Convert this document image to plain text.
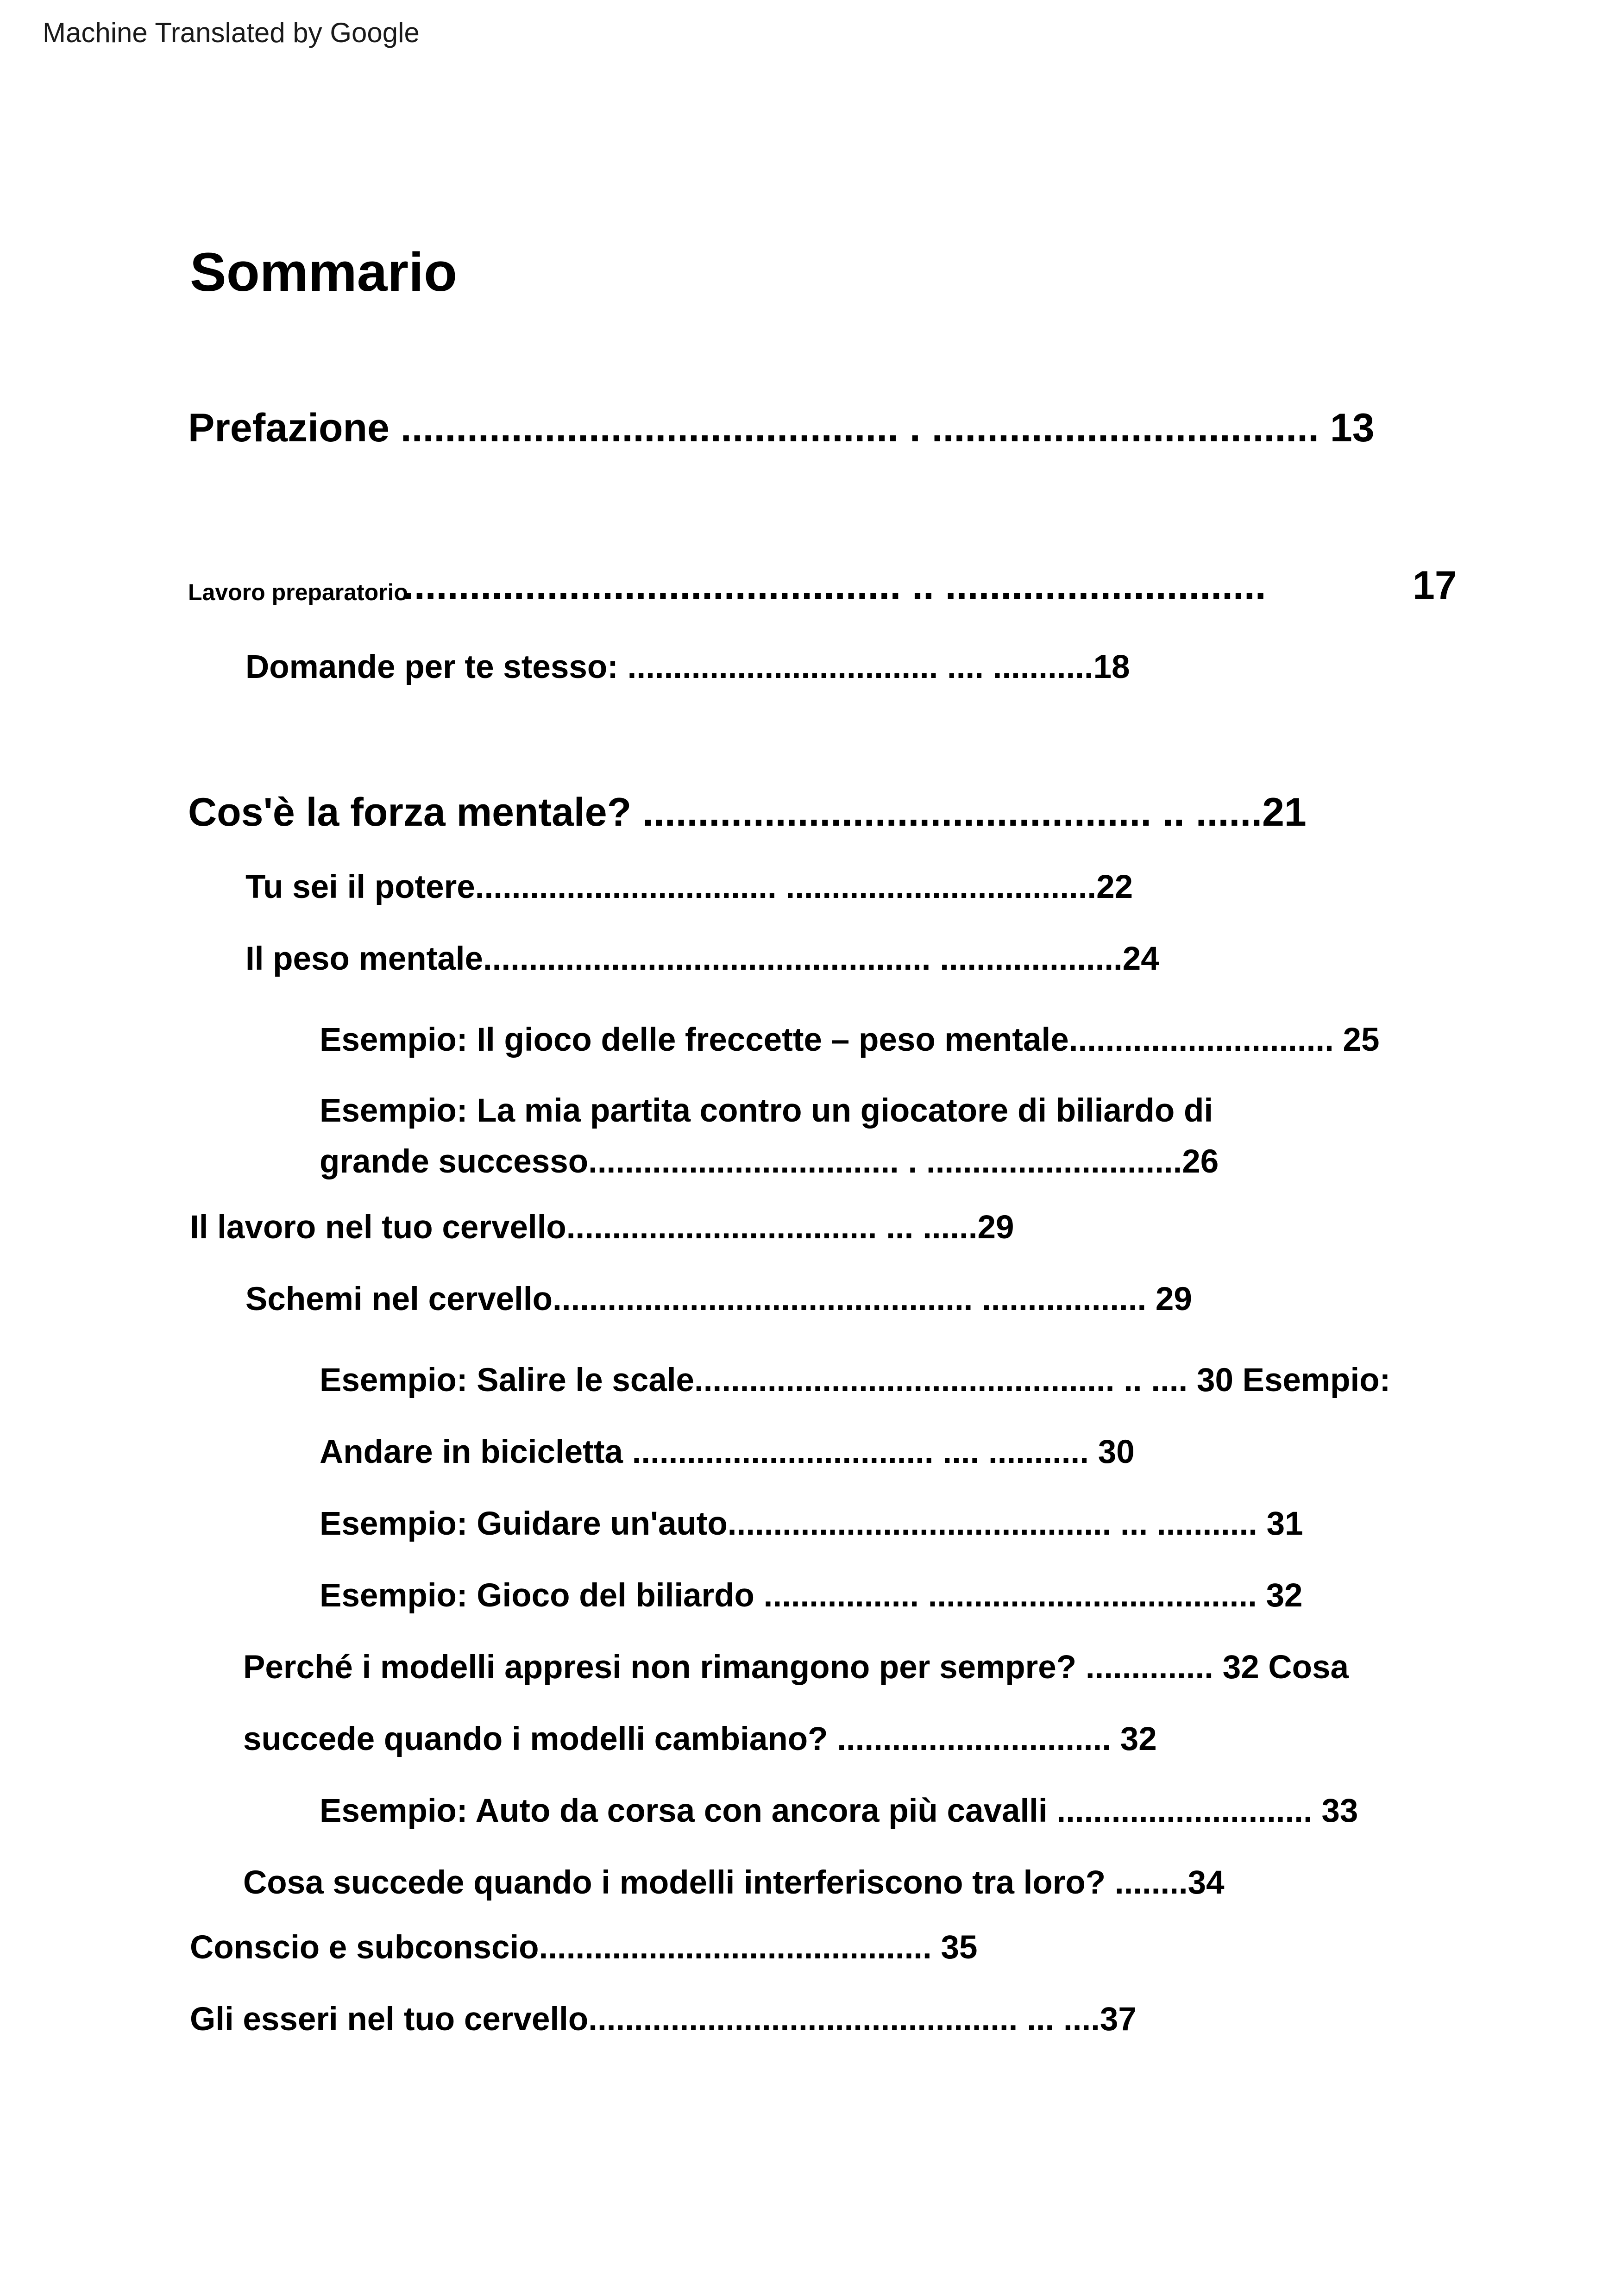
Machine Translated by Google
Sommario

Prefazione ............................................. . ................................... 13

Lavoro preparatorio
............................................. .. .............................	17

Domande per te stesso: .................................. .... ...........18

Cos'è la forza mentale? .............................................. .. ......21

Tu sei il potere................................. ..................................22

Il peso mentale................................................. ....................24

Esempio: Il gioco delle freccette – peso mentale............................. 25

Esempio: La mia partita contro un giocatore di biliardo di

grande successo.................................. . ............................26

Il lavoro nel tuo cervello.................................. ... ......29

Schemi nel cervello.............................................. .................. 29

Esempio: Salire le scale.............................................. .. .... 30 Esempio:

Andare in bicicletta ................................. .... ........... 30

Esempio: Guidare un'auto.......................................... ... ........... 31

Esempio: Gioco del biliardo ................. .................................... 32

Perché i modelli appresi non rimangono per sempre? .............. 32 Cosa

succede quando i modelli cambiano? .............................. 32

Esempio: Auto da corsa con ancora più cavalli ............................ 33

Cosa succede quando i modelli interferiscono tra loro? ........34

Conscio e subconscio........................................... 35

Gli esseri nel tuo cervello............................................... ... ....37
